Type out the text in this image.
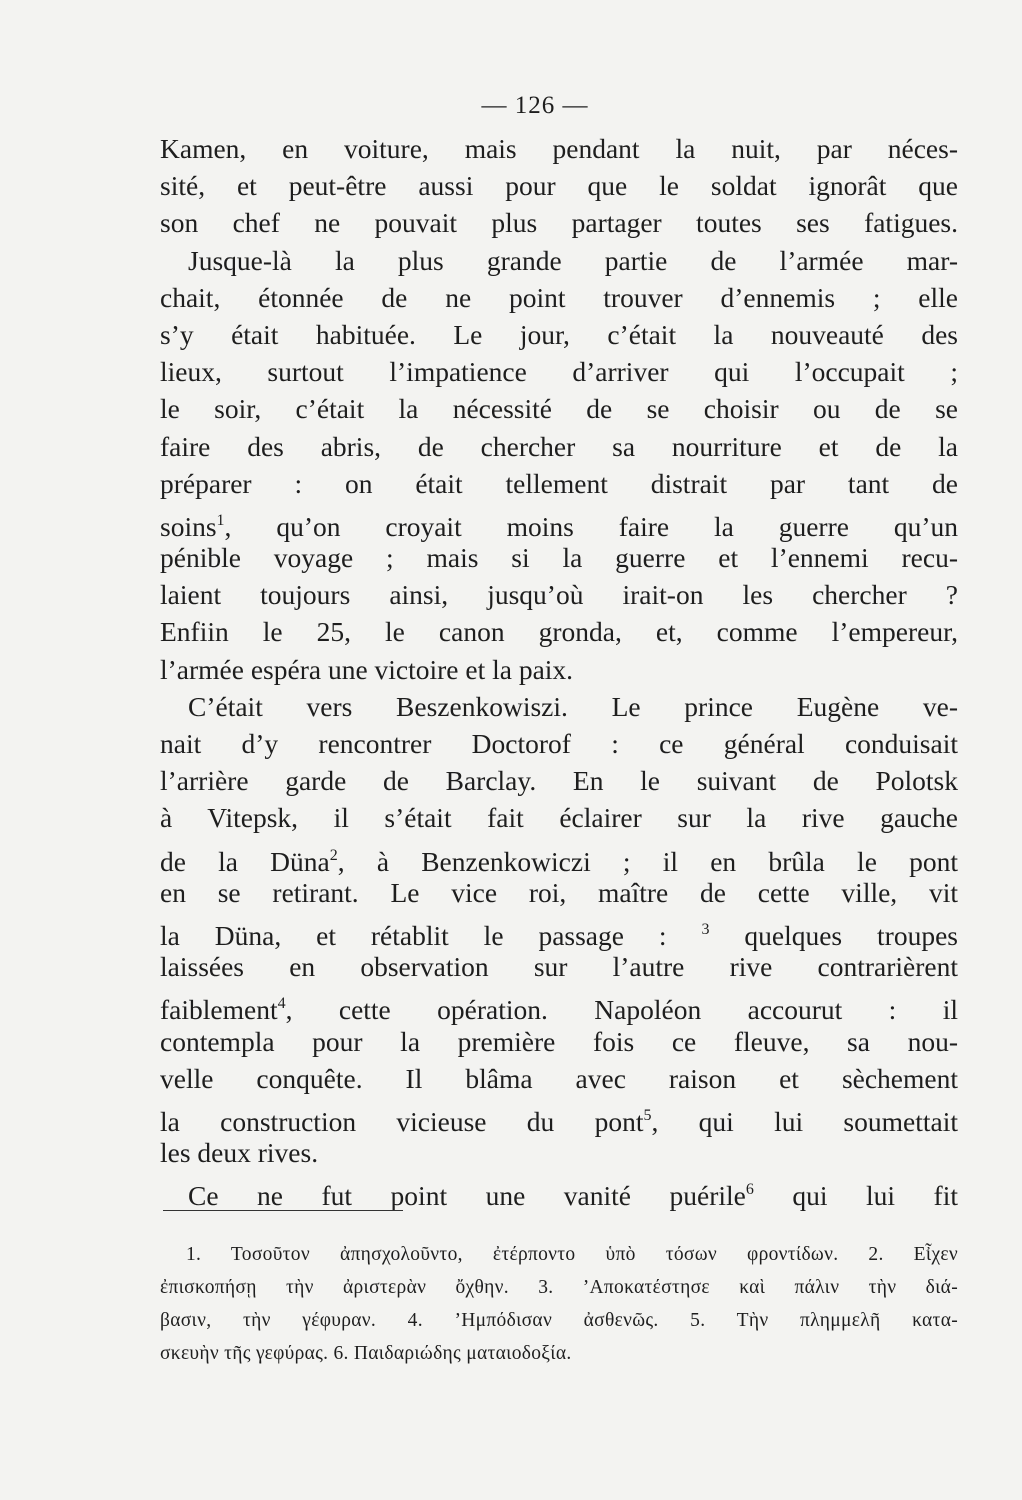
— 126 —
Kamen, en voiture, mais pendant la nuit, par néces-
sité, et peut-être aussi pour que le soldat ignorât que
son chef ne pouvait plus partager toutes ses fatigues.
Jusque-là la plus grande partie de l’armée mar-
chait, étonnée de ne point trouver d’ennemis ; elle
s’y était habituée. Le jour, c’était la nouveauté des
lieux, surtout l’impatience d’arriver qui l’occupait ;
le soir, c’était la nécessité de se choisir ou de se
faire des abris, de chercher sa nourriture et de la
préparer : on était tellement distrait par tant de
soins$^1$, qu’on croyait moins faire la guerre qu’un
pénible voyage ; mais si la guerre et l’ennemi recu-
laient toujours ainsi, jusqu’où irait-on les chercher ?
Enfiin le 25, le canon gronda, et, comme l’empereur,
l’armée espéra une victoire et la paix.
C’était vers Beszenkowiszi. Le prince Eugène ve-
nait d’y rencontrer Doctorof : ce général conduisait
l’arrière garde de Barclay. En le suivant de Polotsk
à Vitepsk, il s’était fait éclairer sur la rive gauche
de la Düna$^2$, à Benzenkowiczi ; il en brûla le pont
en se retirant. Le vice roi, maître de cette ville, vit
la Düna, et rétablit le passage : $^3$ quelques troupes
laissées en observation sur l’autre rive contrarièrent
faiblement$^4$, cette opération. Napoléon accourut : il
contempla pour la première fois ce fleuve, sa nou-
velle conquête. Il blâma avec raison et sèchement
la construction vicieuse du pont$^5$, qui lui soumettait
les deux rives.
Ce ne fut point une vanité puérile$^6$ qui lui fit
1. Τοσοῦτον ἀπησχολοῦντο, ἐτέρποντο ὑπὸ τόσων φροντίδων. 2. Εἶχεν
ἐπισκοπήσῃ τὴν ἀριστερὰν ὄχθην. 3. ’Αποκατέστησε καὶ πάλιν τὴν διά-
βασιν, τὴν γέφυραν. 4. ’Ημπόδισαν ἀσθενῶς. 5. Τὴν πλημμελῆ κατα-
σκευὴν τῆς γεφύρας. 6. Παιδαριώδης ματαιοδοξία.
